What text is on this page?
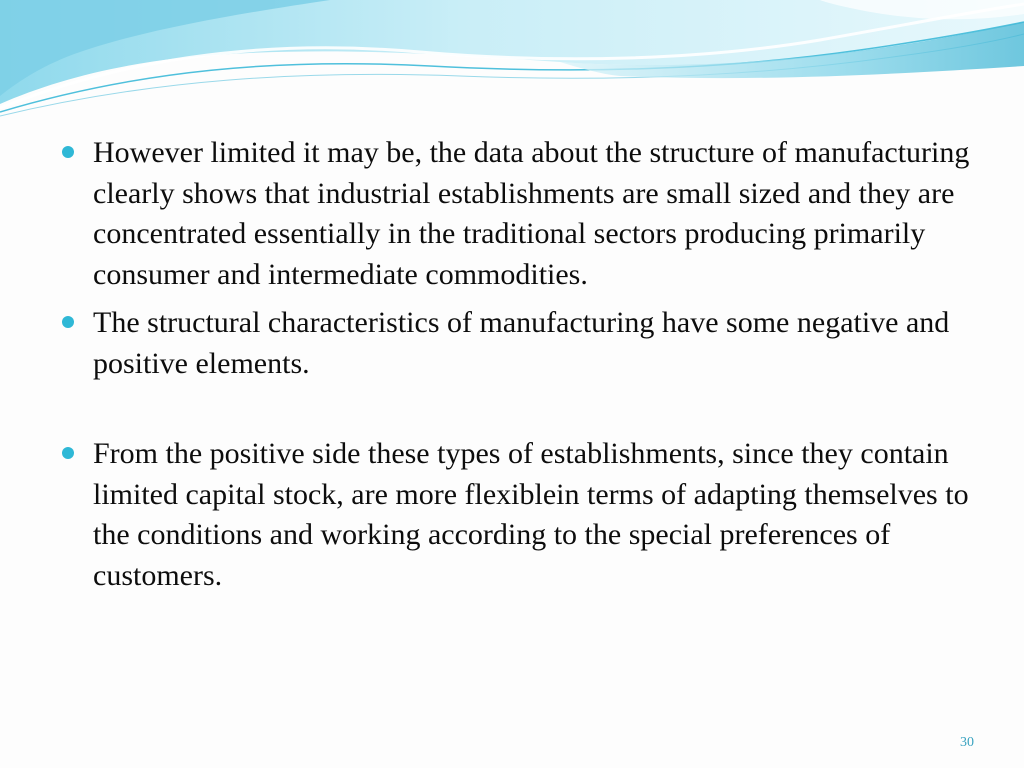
However limited it may be, the data about the structure of manufacturing clearly shows that industrial establishments are small sized and they are concentrated essentially in the traditional sectors producing primarily consumer and intermediate commodities.
The structural characteristics of manufacturing have some negative and positive elements.
From the positive side these types of establishments, since they contain limited capital stock, are more flexiblein terms of adapting themselves to the conditions and working according to the special preferences of customers.
30
